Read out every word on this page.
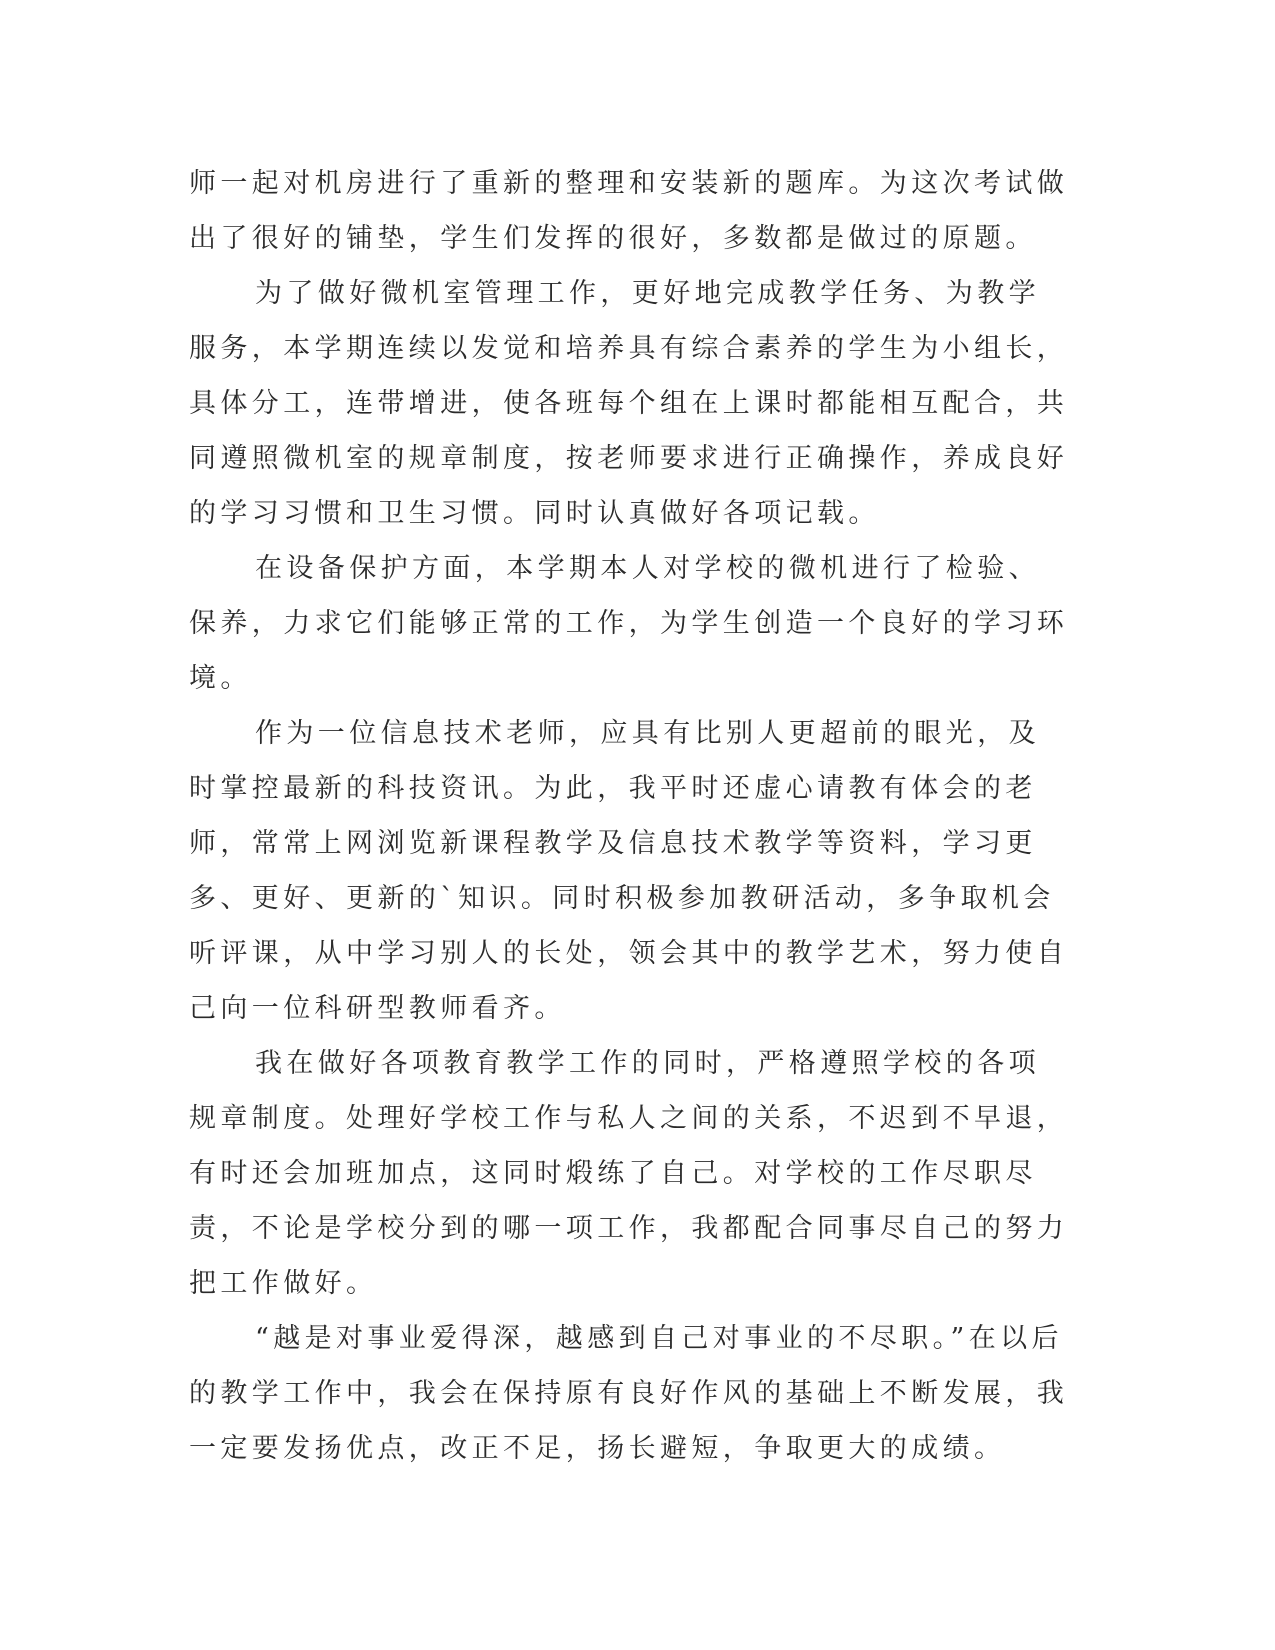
师一起对机房进行了重新的整理和安装新的题库。为这次考试做出了很好的铺垫，学生们发挥的很好，多数都是做过的原题。

为了做好微机室管理工作，更好地完成教学任务、为教学服务，本学期连续以发觉和培养具有综合素养的学生为小组长，具体分工，连带增进，使各班每个组在上课时都能相互配合，共同遵照微机室的规章制度，按老师要求进行正确操作，养成良好的学习习惯和卫生习惯。同时认真做好各项记载。

在设备保护方面，本学期本人对学校的微机进行了检验、保养，力求它们能够正常的工作，为学生创造一个良好的学习环境。

作为一位信息技术老师，应具有比别人更超前的眼光，及时掌控最新的科技资讯。为此，我平时还虚心请教有体会的老师，常常上网浏览新课程教学及信息技术教学等资料，学习更多、更好、更新的`知识。同时积极参加教研活动，多争取机会听评课，从中学习别人的长处，领会其中的教学艺术，努力使自己向一位科研型教师看齐。

我在做好各项教育教学工作的同时，严格遵照学校的各项规章制度。处理好学校工作与私人之间的关系，不迟到不早退，有时还会加班加点，这同时煅练了自己。对学校的工作尽职尽责，不论是学校分到的哪一项工作，我都配合同事尽自己的努力把工作做好。

“越是对事业爱得深，越感到自己对事业的不尽职。”在以后的教学工作中，我会在保持原有良好作风的基础上不断发展，我一定要发扬优点，改正不足，扬长避短，争取更大的成绩。
